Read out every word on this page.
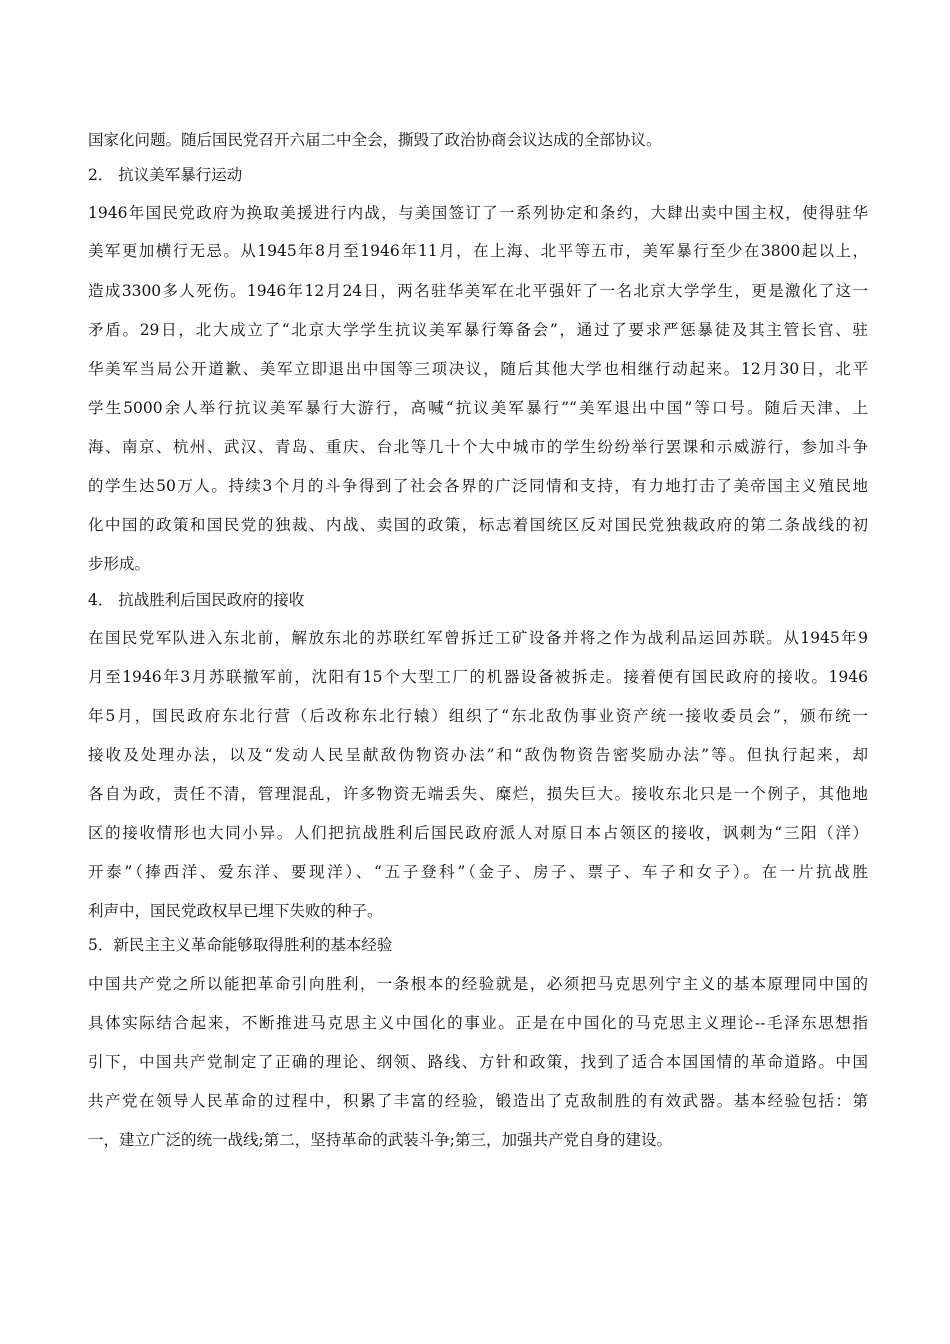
国家化问题。随后国民党召开六届二中全会，撕毁了政治协商会议达成的全部协议。
2． 抗议美军暴行运动
1946年国民党政府为换取美援进行内战，与美国签订了一系列协定和条约，大肆出卖中国主权，使得驻华
美军更加横行无忌。从1945年8月至1946年11月，在上海、北平等五市，美军暴行至少在3800起以上，
造成3300多人死伤。1946年12月24日，两名驻华美军在北平强奸了一名北京大学学生，更是激化了这一
矛盾。29日，北大成立了“北京大学学生抗议美军暴行筹备会”，通过了要求严惩暴徒及其主管长官、驻
华美军当局公开道歉、美军立即退出中国等三项决议，随后其他大学也相继行动起来。12月30日，北平
学生5000余人举行抗议美军暴行大游行，高喊“抗议美军暴行”“美军退出中国”等口号。随后天津、上
海、南京、杭州、武汉、青岛、重庆、台北等几十个大中城市的学生纷纷举行罢课和示威游行，参加斗争
的学生达50万人。持续3个月的斗争得到了社会各界的广泛同情和支持，有力地打击了美帝国主义殖民地
化中国的政策和国民党的独裁、内战、卖国的政策，标志着国统区反对国民党独裁政府的第二条战线的初
步形成。
4． 抗战胜利后国民政府的接收
在国民党军队进入东北前，解放东北的苏联红军曾拆迁工矿设备并将之作为战利品运回苏联。从1945年9
月至1946年3月苏联撤军前，沈阳有15个大型工厂的机器设备被拆走。接着便有国民政府的接收。1946
年5月，国民政府东北行营（后改称东北行辕）组织了“东北敌伪事业资产统一接收委员会”，颁布统一
接收及处理办法，以及“发动人民呈献敌伪物资办法”和“敌伪物资告密奖励办法”等。但执行起来，却
各自为政，责任不清，管理混乱，许多物资无端丢失、糜烂，损失巨大。接收东北只是一个例子，其他地
区的接收情形也大同小异。人们把抗战胜利后国民政府派人对原日本占领区的接收，讽刺为“三阳（洋）
开泰”（捧西洋、爱东洋、要现洋）、“五子登科”（金子、房子、票子、车子和女子）。在一片抗战胜
利声中，国民党政权早已埋下失败的种子。
5．新民主主义革命能够取得胜利的基本经验
中国共产党之所以能把革命引向胜利，一条根本的经验就是，必须把马克思列宁主义的基本原理同中国的
具体实际结合起来，不断推进马克思主义中国化的事业。正是在中国化的马克思主义理论--毛泽东思想指
引下，中国共产党制定了正确的理论、纲领、路线、方针和政策，找到了适合本国国情的革命道路。中国
共产党在领导人民革命的过程中，积累了丰富的经验，锻造出了克敌制胜的有效武器。基本经验包括：第
一，建立广泛的统一战线;第二，坚持革命的武装斗争;第三，加强共产党自身的建设。
